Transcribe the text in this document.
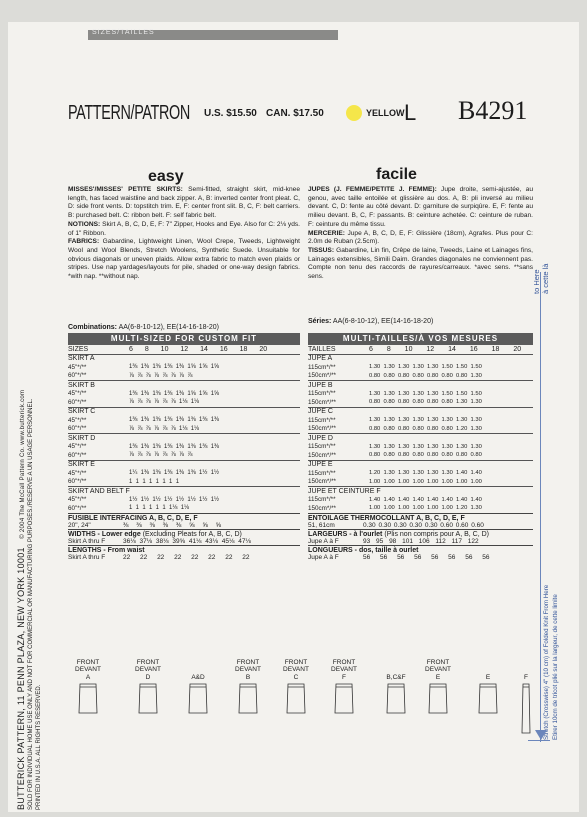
SIZES/TAILLES
PATTERN/PATRON U.S. $15.50 CAN. $17.50	YELLOW L B4291
easy	facile
MISSES'/MISSES' PETITE SKIRTS: Semi-fitted, straight skirt, mid-knee length, has faced waistline and back zipper. A, B: inverted center front pleat. C, D: side front vents. D: topstitch trim. E, F: center front slit. B, C, F: belt carriers. B: purchased belt. C: ribbon belt. F: self fabric belt.
NOTIONS: Skirt A, B, C, D, E, F: 7" Zipper, Hooks and Eye. Also for C: 2⅛ yds. of 1" Ribbon.
FABRICS: Gabardine, Lightweight Linen, Wool Crepe, Tweeds, Lightweight Wool and Wool Blends, Stretch Woolens, Synthetic Suede. Unsuitable for obvious diagonals or uneven plaids. Allow extra fabric to match even plaids or stripes. Use nap yardages/layouts for pile, shaded or one-way design fabrics. *with nap. **without nap.
Combinations: AA(6-8-10-12), EE(14-16-18-20)
JUPES (J. FEMME/PETITE J. FEMME): Jupe droite, semi-ajustée, au genou, avec taille entoilée et glissière au dos. A, B: pli inversé au milieu devant. C, D: fente au côté devant. D: garniture de surpiqûre. E, F: fente au milieu devant. B, C, F: passants. B: ceinture achetée. C: ceinture de ruban. F: ceinture du même tissu.
MERCERIE: Jupe A, B, C, D, E, F: Glissière (18cm), Agrafes. Plus pour C: 2.0m de Ruban (2.5cm).
TISSUS: Gabardine, Lin fin, Crêpe de laine, Tweeds, Laine et Lainages fins, Lainages extensibles, Simili Daim. Grandes diagonales ne conviennent pas. Compte non tenu des raccords de rayures/carreaux. *avec sens. **sans sens.
Séries: AA(6-8-10-12), EE(14-16-18-20)
MULTI-SIZED FOR CUSTOM FIT
SIZES	6 8 10 12 14 16 18 20
SKIRT A	
45"*/**	1⅜  1⅜  1⅜  1⅜  1⅜  1⅝  1⅝  1⅝
60"*/**	⅞  ⅞  ⅞  ⅞  ⅞  ⅞  ⅞  ⅞
SKIRT B	
45"*/**	1⅜  1⅜  1⅜  1⅜  1⅜  1⅝  1⅝  1⅝
60"*/**	⅞  ⅞  ⅞  ⅞  ⅞  ⅞  1⅛  1⅛
SKIRT C	
45"*/**	1⅜  1⅜  1⅜  1⅜  1⅜  1⅜  1⅜  1⅜
60"*/**	⅞  ⅞  ⅞  ⅞  ⅞  ⅞  1⅛  1⅛
SKIRT D	
45"*/**	1⅜  1⅜  1⅜  1⅜  1⅜  1⅜  1⅜  1⅜
60"*/**	⅞  ⅞  ⅞  ⅞  ⅞  ⅞  ⅞  ⅞
SKIRT E	
45"*/**	1¼  1⅜  1⅜  1⅜  1⅜  1⅜  1½  1½
60"*/**	1  1  1  1  1  1  1  1
SKIRT AND BELT F	
45"*/**	1½  1½  1½  1½  1½  1½  1½  1½
60"*/**	1  1  1  1  1  1  1⅛  1⅛
FUSIBLE INTERFACING A, B, C, D, E, F
20", 24"	⅜ ⅜ ⅜ ⅜ ⅜ ⅝ ⅝ ⅝
WIDTHS - Lower edge (Excluding Pleats for A, B, C, D)
Skirt A thru F	36⅛ 37⅛ 38⅛ 39⅝ 41⅛ 43⅛ 45⅛ 47⅛
LENGTHS - From waist
Skirt A thru F	22 22 22 22 22 22 22 22
MULTI-TAILLES/À VOS MESURES
TAILLES	6 8 10 12 14 16 18 20
JUPE A	
115cm*/**	1.30  1.30  1.30  1.30  1.30  1.50  1.50  1.50
150cm*/**	0.80  0.80  0.80  0.80  0.80  0.80  0.80  1.30
JUPE B	
115cm*/**	1.30  1.30  1.30  1.30  1.30  1.50  1.50  1.50
150cm*/**	0.80  0.80  0.80  0.80  0.80  0.80  1.30  1.30
JUPE C	
115cm*/**	1.30  1.30  1.30  1.30  1.30  1.30  1.30  1.30
150cm*/**	0.80  0.80  0.80  0.80  0.80  0.80  1.20  1.30
JUPE D	
115cm*/**	1.30  1.30  1.30  1.30  1.30  1.30  1.30  1.30
150cm*/**	0.80  0.80  0.80  0.80  0.80  0.80  0.80  0.80
JUPE E	
115cm*/**	1.20  1.30  1.30  1.30  1.30  1.30  1.40  1.40
150cm*/**	1.00  1.00  1.00  1.00  1.00  1.00  1.00  1.00
JUPE ET CEINTURE F	
115cm*/**	1.40  1.40  1.40  1.40  1.40  1.40  1.40  1.40
150cm*/**	1.00  1.00  1.00  1.00  1.00  1.00  1.20  1.30
ENTOILAGE THERMOCOLLANT A, B, C, D, E, F
51, 61cm	0.30 0.30 0.30 0.30 0.30 0.60 0.60 0.60
LARGEURS - à l'ourlet (Plis non compris pour A, B, C, D)
Jupe A à F	93 95 98 101 106 112 117 122
LONGUEURS - dos, taille à ourlet
Jupe A à F	56 56 56 56 56 56 56 56
FRONT
DEVANT
A
FRONT
DEVANT
D	A&D
FRONT
DEVANT
B
FRONT
DEVANT
C
FRONT
DEVANT
F	B,C&F
FRONT
DEVANT
E	E	F
BUTTERICK PATTERN, 11 PENN PLAZA, NEW YORK 10001   © 2004 The McCall Pattern Co. www.butterick.com SOLD FOR INDIVIDUAL HOME USE ONLY AND NOT FOR COMMERCIAL OR MANUFACTURING PURPOSES./RESERVE A UN USAGE PERSONNEL. PRINTED IN U.S.A. ALL RIGHTS RESERVED.
to Here à cette là
Stretch (Crosswise) 4" (10 cm) of Folded Knit From Here Etirer 10cm de tricot plié sur la largeur, de cette limite
